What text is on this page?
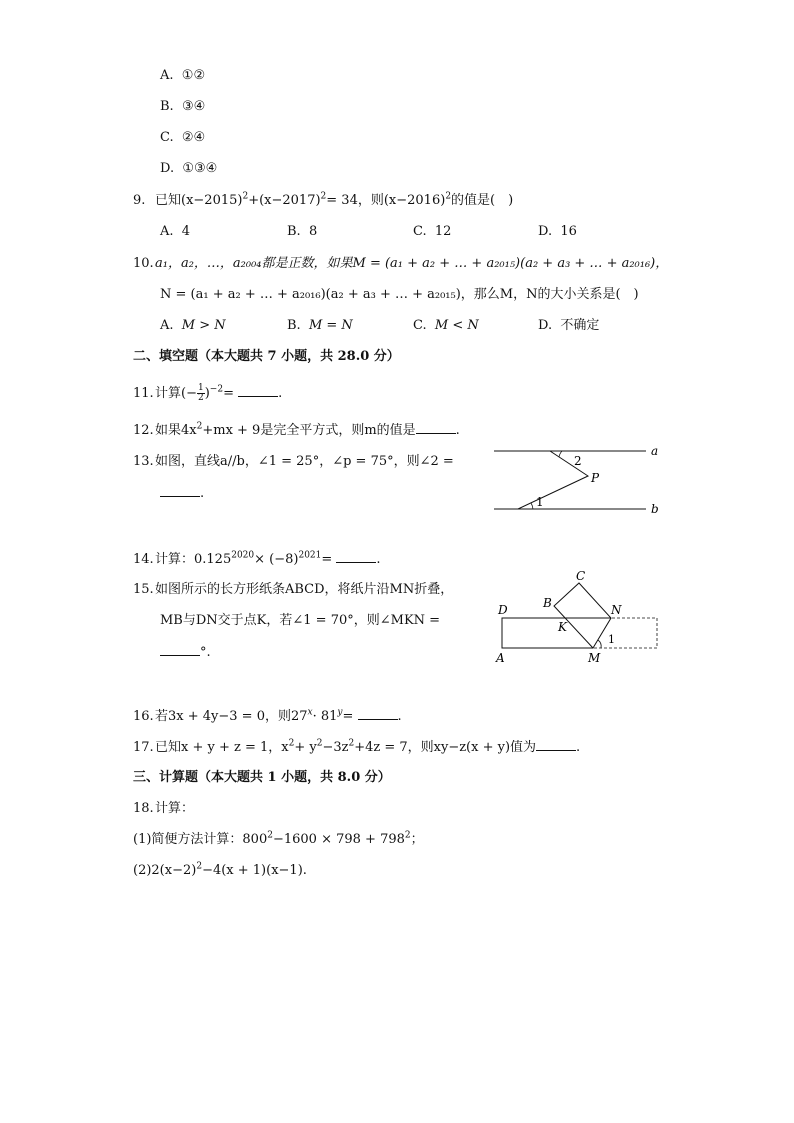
A. ①②
B. ③④
C. ②④
D. ①③④
9. 已知$(x-2015)^2+(x-2017)^2= 34$，则$(x-2016)^2$的值是(　)
A. 4	B. 8	C. 12	D. 16
10.a₁，a₂，…，a₂₀₀₄都是正数，如果M = (a₁ + a₂ + … + a₂₀₁₅)(a₂ + a₃ + … + a₂₀₁₆)，
N = (a₁ + a₂ + … + a₂₀₁₆)(a₂ + a₃ + … + a₂₀₁₅)，那么M，N的大小关系是(　)
A. M > N	B. M = N	C. M < N	D. 不确定
二、填空题（本大题共 7 小题，共 28.0 分）
11.计算(− $\frac{1}{2} )^{-2}=$	.
12.如果$4x^2+mx + 9$是完全平方式，则m的值是	.
13.如图，直线a//b，∠1 = 25°，∠p = 75°，则∠2 =
.
a
b
P
2
1
14.计算：$0.125^{2020}\times (-8)^{2021}=$	.
15.如图所示的长方形纸条ABCD，将纸片沿MN折叠，
MB与DN交于点K，若∠1 = 70°，则∠MKN =
°.
C
B
D	N
K
1
A	M
16.若3x + 4y−3 = 0，则$27^x\cdot 81^y=$	.
17.已知x + y + z = 1，$x^2+ y^2-3z^2+4z = 7$，则xy−z(x + y)值为	.
三、计算题（本大题共 1 小题，共 8.0 分）
18.计算：
(1)简便方法计算：$800^2-1600 \times 798 + 798^2$；
$(2)2(x-2)^2-4(x + 1)(x-1)$.
